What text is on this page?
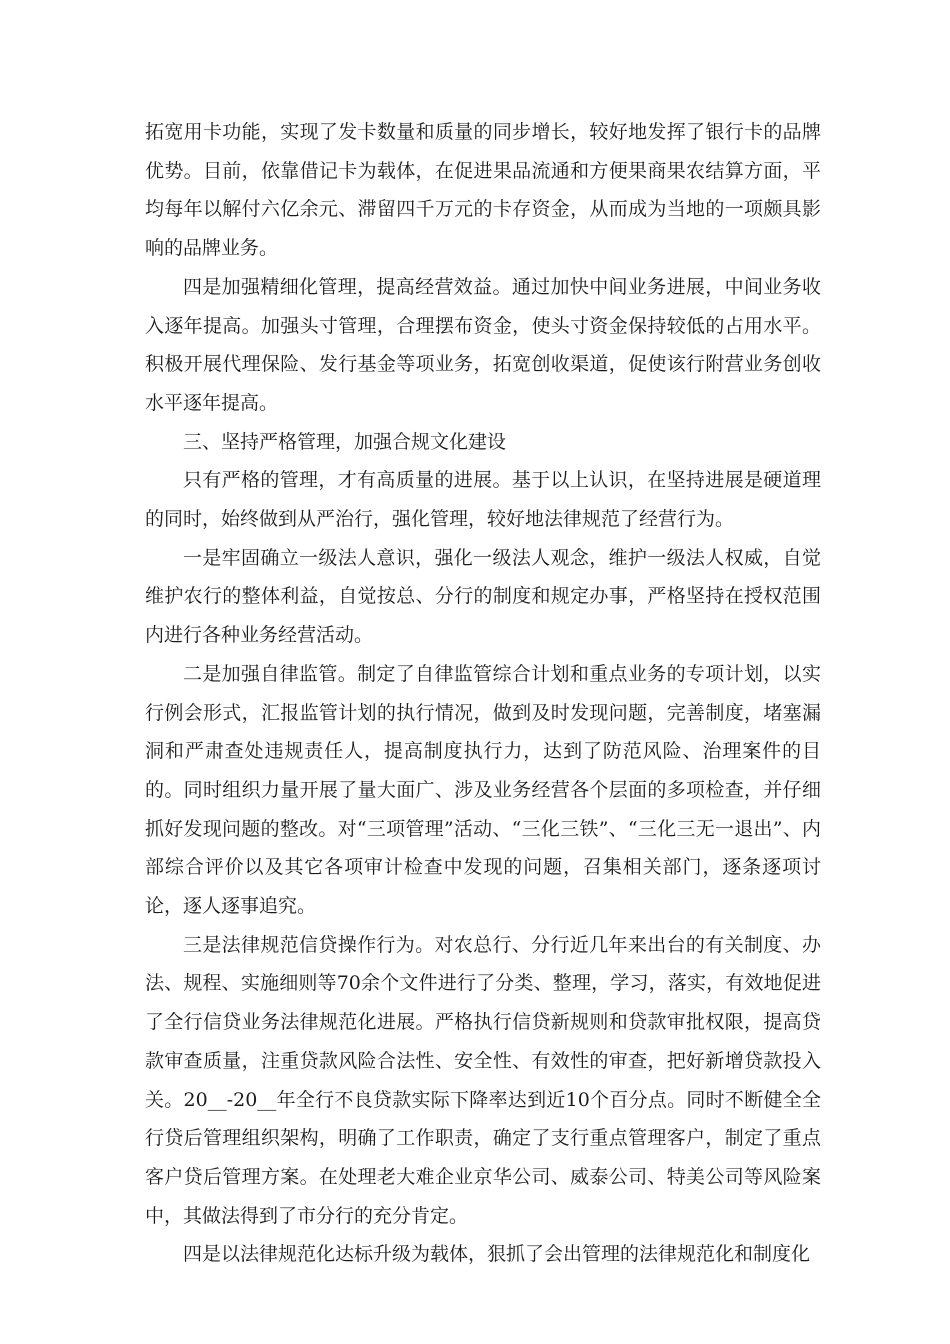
拓宽用卡功能，实现了发卡数量和质量的同步增长，较好地发挥了银行卡的品牌优势。目前，依靠借记卡为载体，在促进果品流通和方便果商果农结算方面，平均每年以解付六亿余元、滞留四千万元的卡存资金，从而成为当地的一项颇具影响的品牌业务。

四是加强精细化管理，提高经营效益。通过加快中间业务进展，中间业务收入逐年提高。加强头寸管理，合理摆布资金，使头寸资金保持较低的占用水平。积极开展代理保险、发行基金等项业务，拓宽创收渠道，促使该行附营业务创收水平逐年提高。

三、坚持严格管理，加强合规文化建设

只有严格的管理，才有高质量的进展。基于以上认识，在坚持进展是硬道理的同时，始终做到从严治行，强化管理，较好地法律规范了经营行为。

一是牢固确立一级法人意识，强化一级法人观念，维护一级法人权威，自觉维护农行的整体利益，自觉按总、分行的制度和规定办事，严格坚持在授权范围内进行各种业务经营活动。

二是加强自律监管。制定了自律监管综合计划和重点业务的专项计划，以实行例会形式，汇报监管计划的执行情况，做到及时发现问题，完善制度，堵塞漏洞和严肃查处违规责任人，提高制度执行力，达到了防范风险、治理案件的目的。同时组织力量开展了量大面广、涉及业务经营各个层面的多项检查，并仔细抓好发现问题的整改。对“三项管理”活动、“三化三铁”、“三化三无一退出”、内部综合评价以及其它各项审计检查中发现的问题，召集相关部门，逐条逐项讨论，逐人逐事追究。

三是法律规范信贷操作行为。对农总行、分行近几年来出台的有关制度、办法、规程、实施细则等70余个文件进行了分类、整理，学习，落实，有效地促进了全行信贷业务法律规范化进展。严格执行信贷新规则和贷款审批权限，提高贷款审查质量，注重贷款风险合法性、安全性、有效性的审查，把好新增贷款投入关。20__-20__年全行不良贷款实际下降率达到近10个百分点。同时不断健全全行贷后管理组织架构，明确了工作职责，确定了支行重点管理客户，制定了重点客户贷后管理方案。在处理老大难企业京华公司、威泰公司、特美公司等风险案中，其做法得到了市分行的充分肯定。

四是以法律规范化达标升级为载体，狠抓了会出管理的法律规范化和制度化
